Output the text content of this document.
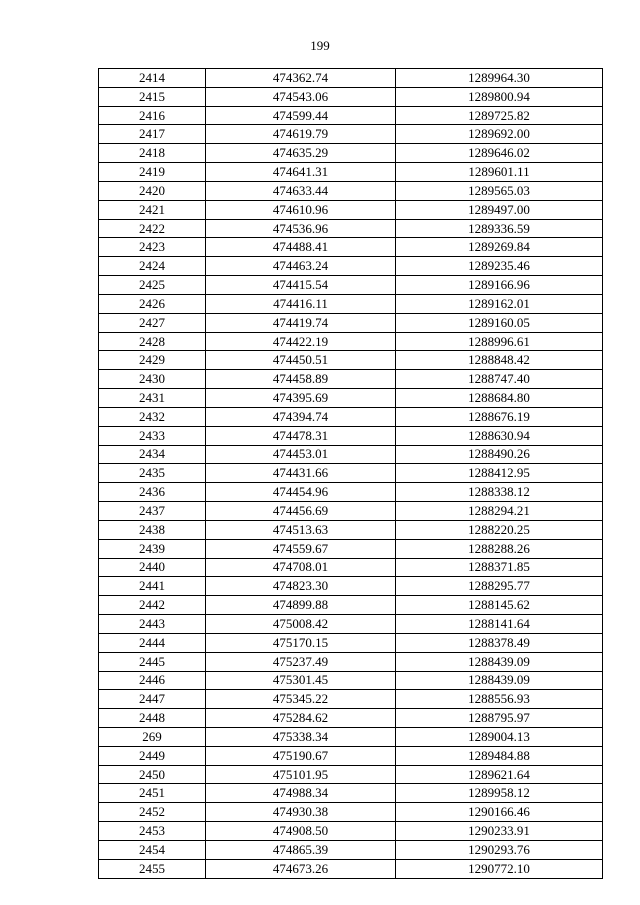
199
2414	474362.74	1289964.30
2415	474543.06	1289800.94
2416	474599.44	1289725.82
2417	474619.79	1289692.00
2418	474635.29	1289646.02
2419	474641.31	1289601.11
2420	474633.44	1289565.03
2421	474610.96	1289497.00
2422	474536.96	1289336.59
2423	474488.41	1289269.84
2424	474463.24	1289235.46
2425	474415.54	1289166.96
2426	474416.11	1289162.01
2427	474419.74	1289160.05
2428	474422.19	1288996.61
2429	474450.51	1288848.42
2430	474458.89	1288747.40
2431	474395.69	1288684.80
2432	474394.74	1288676.19
2433	474478.31	1288630.94
2434	474453.01	1288490.26
2435	474431.66	1288412.95
2436	474454.96	1288338.12
2437	474456.69	1288294.21
2438	474513.63	1288220.25
2439	474559.67	1288288.26
2440	474708.01	1288371.85
2441	474823.30	1288295.77
2442	474899.88	1288145.62
2443	475008.42	1288141.64
2444	475170.15	1288378.49
2445	475237.49	1288439.09
2446	475301.45	1288439.09
2447	475345.22	1288556.93
2448	475284.62	1288795.97
269	475338.34	1289004.13
2449	475190.67	1289484.88
2450	475101.95	1289621.64
2451	474988.34	1289958.12
2452	474930.38	1290166.46
2453	474908.50	1290233.91
2454	474865.39	1290293.76
2455	474673.26	1290772.10
